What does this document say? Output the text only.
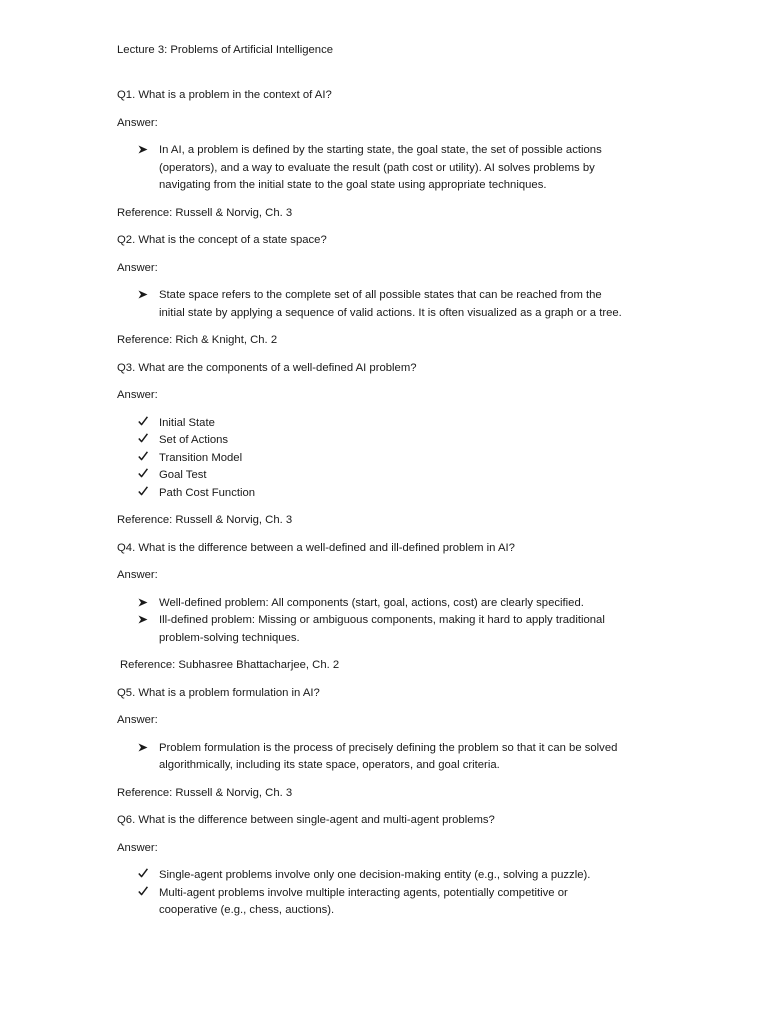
Lecture 3: Problems of Artificial Intelligence
Q1. What is a problem in the context of AI?
Answer:
In AI, a problem is defined by the starting state, the goal state, the set of possible actions
(operators), and a way to evaluate the result (path cost or utility). AI solves problems by
navigating from the initial state to the goal state using appropriate techniques.
Reference: Russell & Norvig, Ch. 3
Q2. What is the concept of a state space?
Answer:
State space refers to the complete set of all possible states that can be reached from the
initial state by applying a sequence of valid actions. It is often visualized as a graph or a tree.
Reference: Rich & Knight, Ch. 2
Q3. What are the components of a well-defined AI problem?
Answer:
Initial State
Set of Actions
Transition Model
Goal Test
Path Cost Function
Reference: Russell & Norvig, Ch. 3
Q4. What is the difference between a well-defined and ill-defined problem in AI?
Answer:
Well-defined problem: All components (start, goal, actions, cost) are clearly specified.
Ill-defined problem: Missing or ambiguous components, making it hard to apply traditional
problem-solving techniques.
Reference: Subhasree Bhattacharjee, Ch. 2
Q5. What is a problem formulation in AI?
Answer:
Problem formulation is the process of precisely defining the problem so that it can be solved
algorithmically, including its state space, operators, and goal criteria.
Reference: Russell & Norvig, Ch. 3
Q6. What is the difference between single-agent and multi-agent problems?
Answer:
Single-agent problems involve only one decision-making entity (e.g., solving a puzzle).
Multi-agent problems involve multiple interacting agents, potentially competitive or
cooperative (e.g., chess, auctions).
